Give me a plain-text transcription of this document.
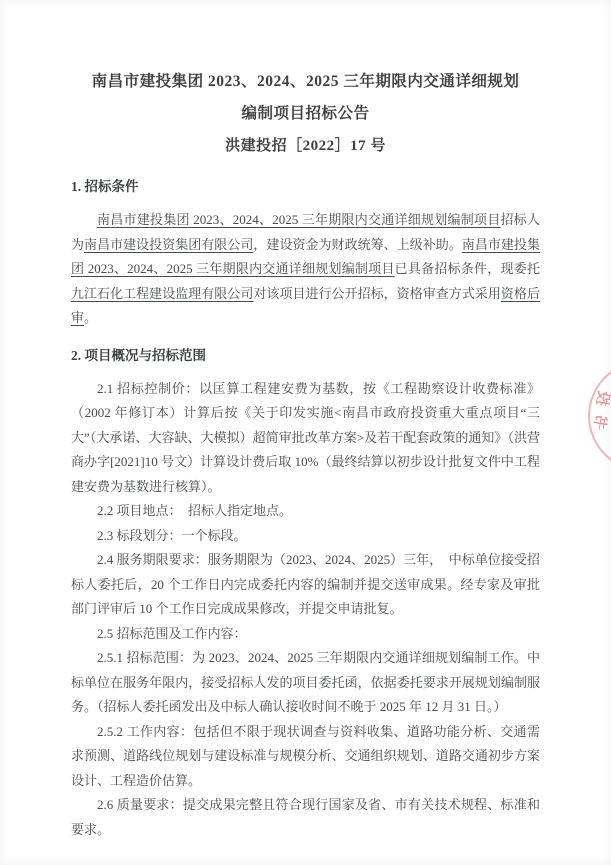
南昌市建投集团 2023、2024、2025 三年期限内交通详细规划
编制项目招标公告
洪建投招［2022］17 号
1. 招标条件

南昌市建投集团 2023、2024、2025 三年期限内交通详细规划编制项目招标人为南昌市建设投资集团有限公司，建设资金为财政统筹、上级补助。南昌市建投集团 2023、2024、2025 三年期限内交通详细规划编制项目已具备招标条件，现委托九江石化工程建设监理有限公司对该项目进行公开招标，资格审查方式采用资格后审。

2. 项目概况与招标范围

2.1 招标控制价：以匡算工程建安费为基数，按《工程勘察设计收费标准》（2002 年修订本）计算后按《关于印发实施<南昌市政府投资重大重点项目“三大”（大承诺、大容缺、大模拟）超简审批改革方案>及若干配套政策的通知》（洪营商办字[2021]10 号文）计算设计费后取 10%（最终结算以初步设计批复文件中工程建安费为基数进行核算）。

2.2 项目地点：　招标人指定地点。

2.3 标段划分：一个标段。

2.4 服务期限要求：服务期限为（2023、2024、2025）三年，　中标单位接受招标人委托后，20 个工作日内完成委托内容的编制并提交送审成果。经专家及审批部门评审后 10 个工作日完成成果修改，并提交申请批复。

2.5 招标范围及工作内容：

2.5.1 招标范围：为 2023、2024、2025 三年期限内交通详细规划编制工作。中标单位在服务年限内，接受招标人发的项目委托函，依据委托要求开展规划编制服务。（招标人委托函发出及中标人确认接收时间不晚于 2025 年 12 月 31 日。）

2.5.2 工作内容：包括但不限于现状调查与资料收集、道路功能分析、交通需求预测、道路线位规划与建设标准与规模分析、交通组织规划、道路交通初步方案设计、工程造价估算。

2.6 质量要求：提交成果完整且符合现行国家及省、市有关技术规程、标准和要求。

投
书
